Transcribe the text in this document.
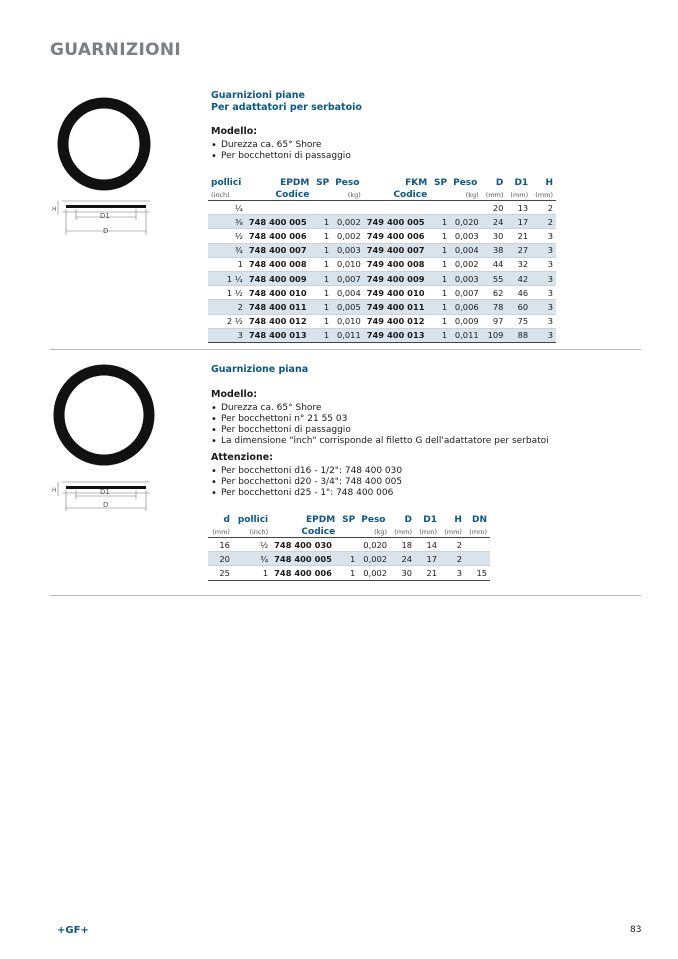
GUARNIZIONI
D1
D
H
Guarnizioni piane
Per adattatori per serbatoio
Modello:
• Durezza ca. 65° Shore
• Per bocchettoni di passaggio
pollici	EPDM	SP	Peso	FKM	SP	Peso	D	D1	H
(inch)	Codice		(kg)	Codice		(kg)	(mm)	(mm)	(mm)
¼							20	13	2
⅜	748 400 005	1	0,002	749 400 005	1	0,020	24	17	2
½	748 400 006	1	0,002	749 400 006	1	0,003	30	21	3
¾	748 400 007	1	0,003	749 400 007	1	0,004	38	27	3
1	748 400 008	1	0,010	749 400 008	1	0,002	44	32	3
1 ¼	748 400 009	1	0,007	749 400 009	1	0,003	55	42	3
1 ½	748 400 010	1	0,004	749 400 010	1	0,007	62	46	3
2	748 400 011	1	0,005	749 400 011	1	0,006	78	60	3
2 ½	748 400 012	1	0,010	749 400 012	1	0,009	97	75	3
3	748 400 013	1	0,011	749 400 013	1	0,011	109	88	3
D1
D
H
Guarnizione piana
Modello:
• Durezza ca. 65° Shore
• Per bocchettoni n° 21 55 03
• Per bocchettoni di passaggio
• La dimensione "inch" corrisponde al filetto G dell'adattatore per serbatoi
Attenzione:
• Per bocchettoni d16 - 1/2": 748 400 030
• Per bocchettoni d20 - 3/4": 748 400 005
• Per bocchettoni d25 - 1": 748 400 006
d	pollici	EPDM	SP	Peso	D	D1	H	DN
(mm)	(inch)	Codice		(kg)	(mm)	(mm)	(mm)	(mm)
16	½	748 400 030		0,020	18	14	2	
20	¾	748 400 005	1	0,002	24	17	2	
25	1	748 400 006	1	0,002	30	21	3	15
+GF+	83
